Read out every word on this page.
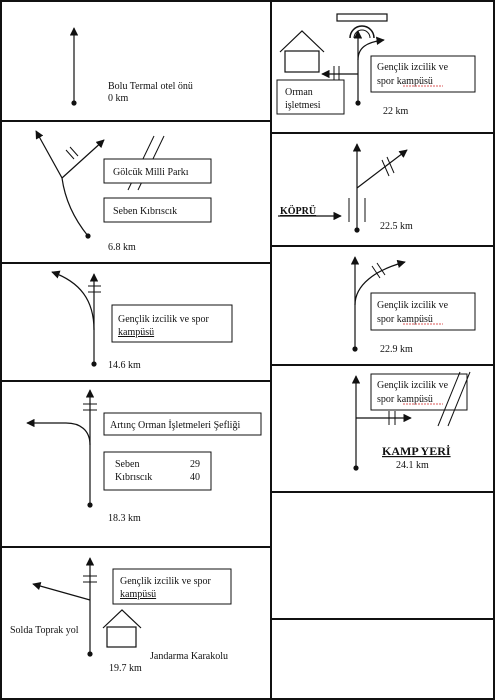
Bolu Termal otel önü
0 km
Gölcük Milli Parkı
Seben Kıbrıscık
6.8 km
Gençlik izcilik ve spor
kampüsü
14.6 km
Artınç Orman İşletmeleri Şefliği
Seben	29
Kıbrıscık	40
18.3 km
Gençlik izcilik ve spor
kampüsü
Solda Toprak yol
Jandarma Karakolu
19.7 km
Orman
işletmesi
Gençlik izcilik ve
spor kampüsü
22 km
KÖPRÜ
22.5 km
Gençlik izcilik ve
spor kampüsü
22.9 km
Gençlik izcilik ve
spor kampüsü
KAMP YERİ
24.1 km
